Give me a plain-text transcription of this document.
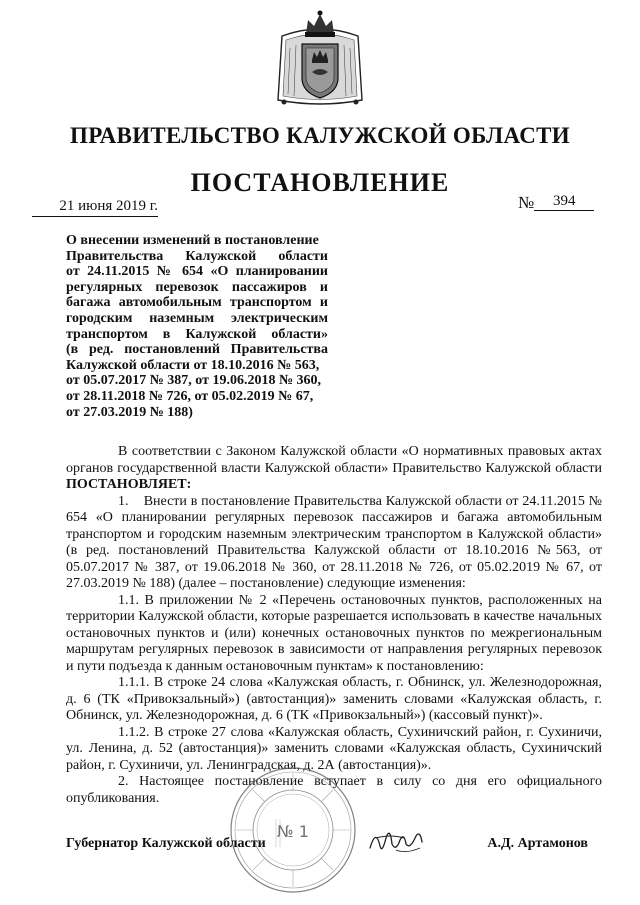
ПРАВИТЕЛЬСТВО КАЛУЖСКОЙ ОБЛАСТИ
ПОСТАНОВЛЕНИЕ
21 июня 2019 г.	№ 394
О внесении изменений в постановление
Правительства Калужской области
от 24.11.2015 № 654 «О планировании
регулярных перевозок пассажиров и
багажа автомобильным транспортом и
городским наземным электрическим
транспортом в Калужской области»
(в ред. постановлений Правительства
Калужской области от 18.10.2016 № 563,
от 05.07.2017 № 387, от 19.06.2018 № 360,
от 28.11.2018 № 726, от 05.02.2019 № 67,
от 27.03.2019 № 188)

В соответствии с Законом Калужской области «О нормативных правовых актах органов государственной власти Калужской области» Правительство Калужской области ПОСТАНОВЛЯЕТ:

1.    Внести в постановление Правительства Калужской области от 24.11.2015 № 654 «О планировании регулярных перевозок пассажиров и багажа автомобильным транспортом и городским наземным электрическим транспортом в Калужской области» (в ред. постановлений Правительства Калужской области от 18.10.2016 №563, от 05.07.2017 № 387, от 19.06.2018 № 360, от 28.11.2018 № 726, от 05.02.2019 № 67, от 27.03.2019 № 188) (далее – постановление) следующие изменения:

1.1. В приложении № 2 «Перечень остановочных пунктов, расположенных на территории Калужской области, которые разрешается использовать в качестве начальных остановочных пунктов и (или) конечных остановочных пунктов по межрегиональным маршрутам регулярных перевозок в зависимости от направления регулярных перевозок и пути подъезда к данным остановочным пунктам» к постановлению:

1.1.1. В строке 24 слова «Калужская область, г. Обнинск, ул. Железнодорожная, д. 6 (ТК «Привокзальный») (автостанция)» заменить словами «Калужская область, г. Обнинск, ул. Железнодорожная, д. 6 (ТК «Привокзальный») (кассовый пункт)».

1.1.2. В строке 27 слова «Калужская область, Сухиничский район, г. Сухиничи, ул. Ленина, д. 52 (автостанция)» заменить словами «Калужская область, Сухиничский район, г. Сухиничи, ул. Ленинградская, д. 2А (автостанция)».

2. Настоящее постановление вступает в силу со дня его официального опубликования.

№ 1
Губернатор Калужской области	А.Д. Артамонов
